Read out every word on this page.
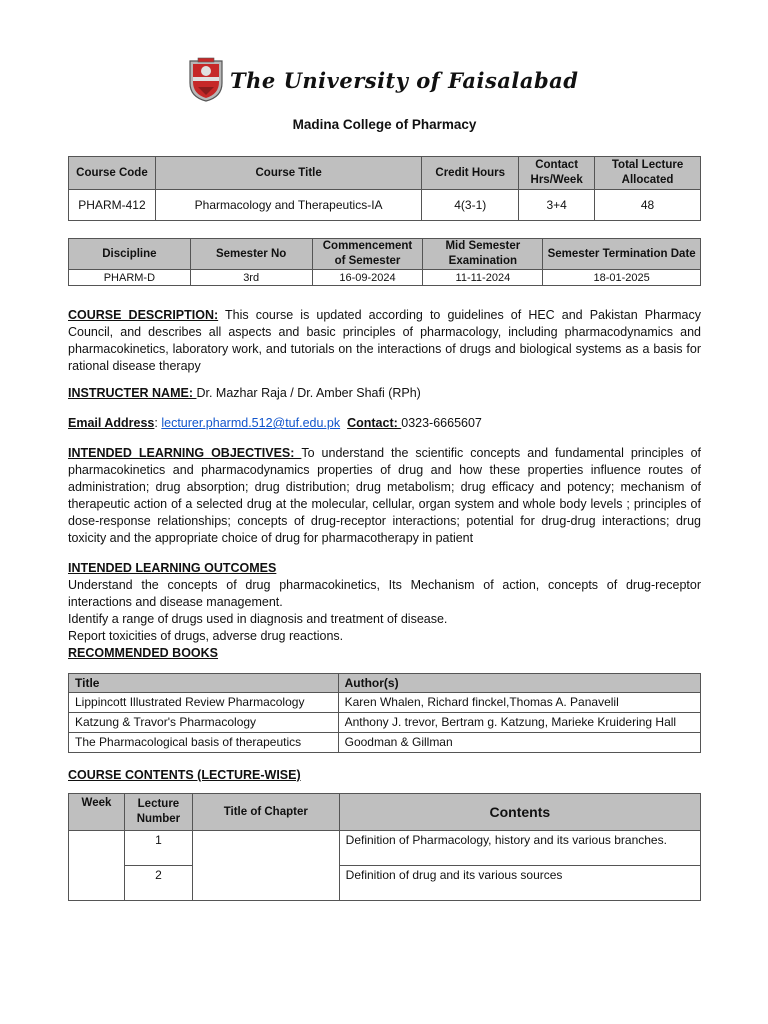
The University of Faisalabad
Madina College of Pharmacy
Course Code	Course Title	Credit Hours	Contact Hrs/Week	Total Lecture Allocated
PHARM-412	Pharmacology and Therapeutics-IA	4(3-1)	3+4	48
Discipline	Semester No	Commencement of Semester	Mid Semester Examination	Semester Termination Date
PHARM-D	3rd	16-09-2024	11-11-2024	18-01-2025
COURSE DESCRIPTION: This course is updated according to guidelines of HEC and Pakistan Pharmacy Council, and describes all aspects and basic principles of pharmacology, including pharmacodynamics and pharmacokinetics, laboratory work, and tutorials on the interactions of drugs and biological systems as a basis for rational disease therapy
INSTRUCTER NAME: Dr. Mazhar Raja / Dr. Amber Shafi (RPh)
Email Address: lecturer.pharmd.512@tuf.edu.pk Contact: 0323-6665607
INTENDED LEARNING OBJECTIVES: To understand the scientific concepts and fundamental principles of pharmacokinetics and pharmacodynamics properties of drug and how these properties influence routes of administration; drug absorption; drug distribution; drug metabolism; drug efficacy and potency; mechanism of therapeutic action of a selected drug at the molecular, cellular, organ system and whole body levels ; principles of dose-response relationships; concepts of drug-receptor interactions; potential for drug-drug interactions; drug toxicity and the appropriate choice of drug for pharmacotherapy in patient
INTENDED LEARNING OUTCOMES
Understand the concepts of drug pharmacokinetics, Its Mechanism of action, concepts of drug-receptor interactions and disease management.
Identify a range of drugs used in diagnosis and treatment of disease.
Report toxicities of drugs, adverse drug reactions.
RECOMMENDED BOOKS
Title	Author(s)
Lippincott Illustrated Review Pharmacology	Karen Whalen, Richard finckel,Thomas A. Panavelil
Katzung & Travor's Pharmacology	Anthony J. trevor, Bertram g. Katzung, Marieke Kruidering Hall
The Pharmacological basis of therapeutics	Goodman & Gillman
COURSE CONTENTS (LECTURE-WISE)
Week	Lecture Number	Title of Chapter	Contents
	1		Definition of Pharmacology, history and its various branches.
	2		Definition of drug and its various sources
